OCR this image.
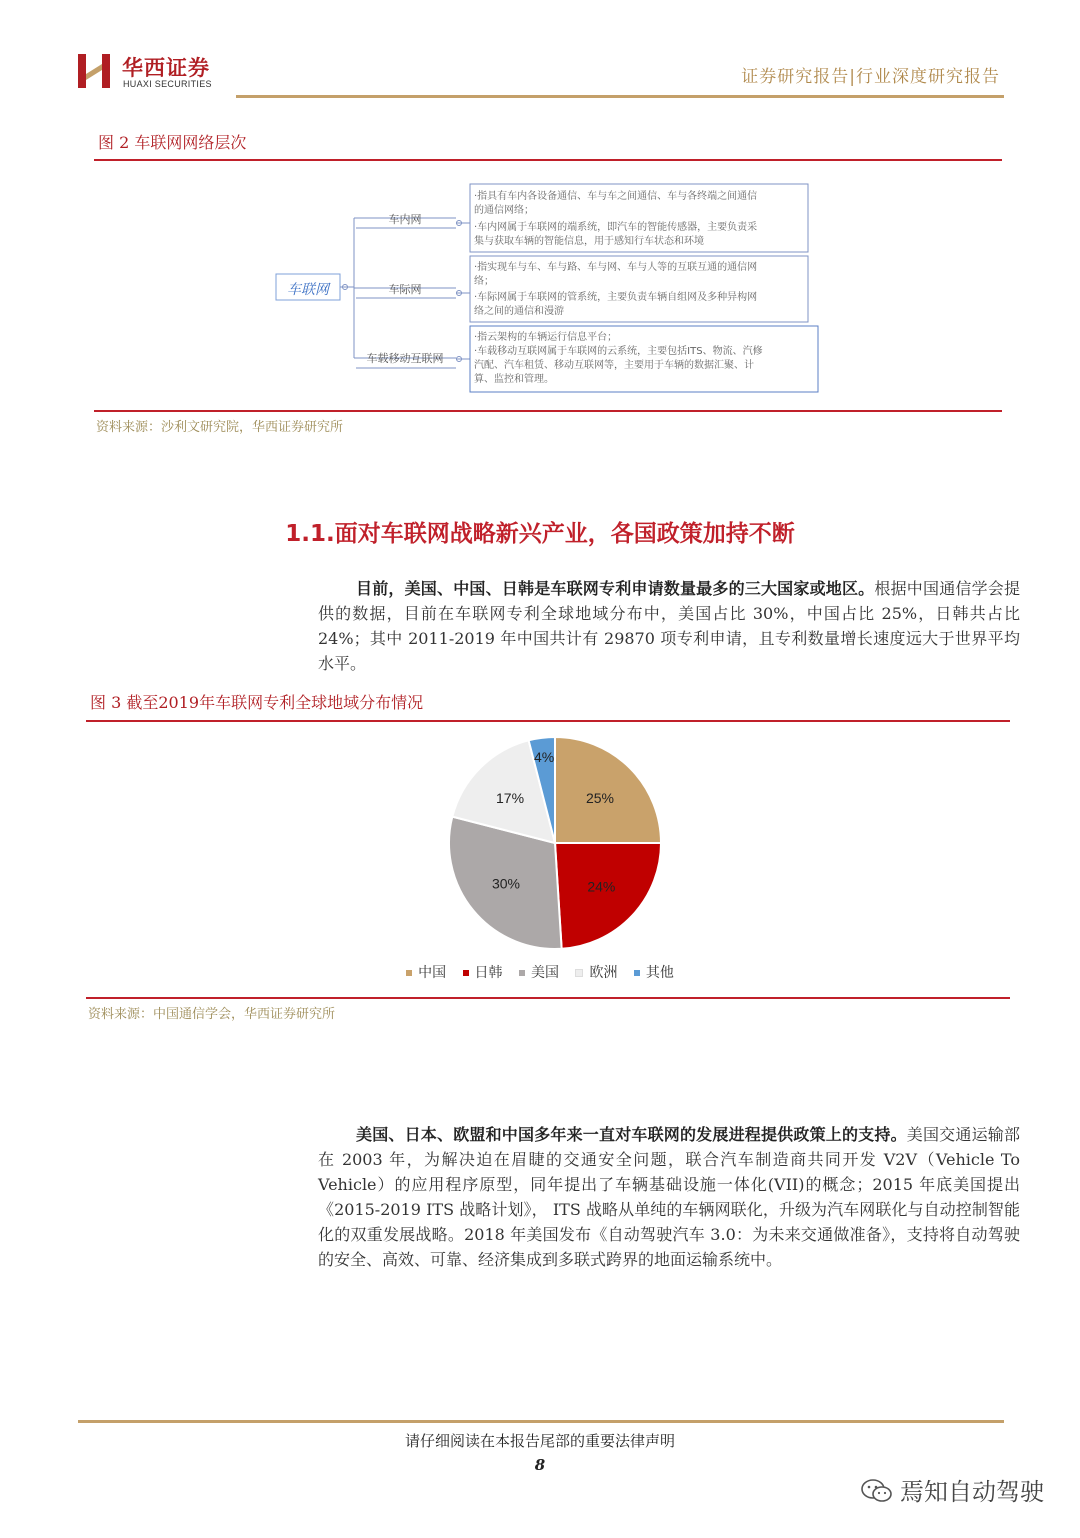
华西证券
HUAXI SECURITIES	证券研究报告|行业深度研究报告
图 2 车联网网络层次
车联网
车内网
车际网
车载移动互联网
·指具有车内各设备通信、车与车之间通信、车与各终端之间通信
的通信网络；
·车内网属于车联网的端系统，即汽车的智能传感器，主要负责采
集与获取车辆的智能信息，用于感知行车状态和环境
·指实现车与车、车与路、车与网、车与人等的互联互通的通信网
络；
·车际网属于车联网的管系统，主要负责车辆自组网及多种异构网
络之间的通信和漫游
·指云架构的车辆运行信息平台；
·车载移动互联网属于车联网的云系统，主要包括ITS、物流、汽修
汽配、汽车租赁、移动互联网等，主要用于车辆的数据汇聚、计
算、监控和管理。
资料来源：沙利文研究院，华西证券研究所
1.1.面对车联网战略新兴产业，各国政策加持不断
目前，美国、中国、日韩是车联网专利申请数量最多的三大国家或地区。根据中国通信学会提供的数据，目前在车联网专利全球地域分布中，美国占比 30%，中国占比 25%，日韩共占比 24%；其中 2011-2019 年中国共计有 29870 项专利申请，且专利数量增长速度远大于世界平均水平。
图 3 截至2019年车联网专利全球地域分布情况
25%
24%
30%
17%
4%
中国 日韩 美国 欧洲 其他
资料来源：中国通信学会，华西证券研究所
美国、日本、欧盟和中国多年来一直对车联网的发展进程提供政策上的支持。美国交通运输部在 2003 年，为解决迫在眉睫的交通安全问题，联合汽车制造商共同开发 V2V（Vehicle To Vehicle）的应用程序原型，同年提出了车辆基础设施一体化(VII)的概念；2015 年底美国提出《2015-2019 ITS 战略计划》， ITS 战略从单纯的车辆网联化，升级为汽车网联化与自动控制智能化的双重发展战略。2018 年美国发布《自动驾驶汽车 3.0：为未来交通做准备》，支持将自动驾驶的安全、高效、可靠、经济集成到多联式跨界的地面运输系统中。
请仔细阅读在本报告尾部的重要法律声明
8
焉知自动驾驶
